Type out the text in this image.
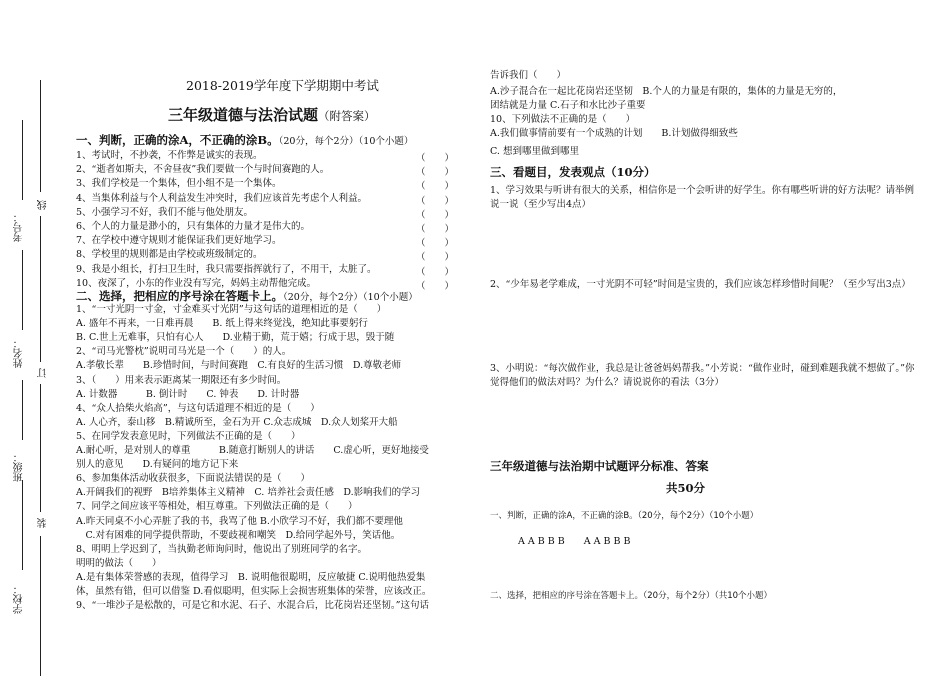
考号：
线
姓名：
订
班级：
装
学校：
2018-2019学年度下学期期中考试
三年级道德与法治试题（附答案）
一、判断，正确的涂A，不正确的涂B。（20分，每个2分）（10个小题）
1、考试时，不抄袭，不作弊是诚实的表现。	（　　）
2、“逝者如斯夫，不舍昼夜”我们要做一个与时间赛跑的人。	（　　）
3、我们学校是一个集体，但小组不是一个集体。	（　　）
4、当集体利益与个人利益发生冲突时，我们应该首先考虑个人利益。	（　　）
5、小强学习不好，我们不能与他处朋友。	（　　）
6、个人的力量是渺小的，只有集体的力量才是伟大的。	（　　）
7、在学校中遵守规则才能保证我们更好地学习。	（　　）
8、学校里的规则都是由学校或班级制定的。	（　　）
9、我是小组长，打扫卫生时，我只需要指挥就行了，不用干，太脏了。	（　　）
10、夜深了，小东的作业没有写完，妈妈主动帮他完成。	（　　）
二、选择，把相应的序号涂在答题卡上。（20分，每个2分）（10个小题）
1、“一寸光阴一寸金，寸金难买寸光阴”与这句话的道理相近的是（　　）
A. 盛年不再来，一日难再晨　　B. 纸上得来终觉浅，绝知此事要躬行
B. C.世上无难事，只怕有心人　　D.业精于勤，荒于嬉；行成于思，毁于随
2、“司马光警枕”说明司马光是一个（　　）的人。
A.孝敬长辈　　B.珍惜时间，与时间赛跑　C.有良好的生活习惯　D.尊敬老师
3、（　　）用来表示距离某一期限还有多少时间。
A. 计数器　　　B. 倒计时　　C. 钟表　　D. 计时器
4、“众人拾柴火焰高”，与这句话道理不相近的是（　　）
A. 人心齐，泰山移　B.精诚所至，金石为开 C.众志成城　D.众人划桨开大船
5、在同学发表意见时，下列做法不正确的是（　　）
A.耐心听，是对别人的尊重　　　B.随意打断别人的讲话　　C.虚心听，更好地接受
别人的意见　　D.有疑问的地方记下来
6、参加集体活动收获很多，下面说法错误的是（　　）
A.开阔我们的视野　B培养集体主义精神　C. 培养社会责任感　D.影响我们的学习
7、同学之间应该平等相处，相互尊重。下列做法正确的是（　　）
A.昨天同桌不小心弄脏了我的书，我骂了他 B.小欣学习不好，我们都不要理他
　C.对有困难的同学提供帮助，不要歧视和嘲笑　D.给同学起外号，笑话他。
8、明明上学迟到了，当执勤老师询问时，他说出了别班同学的名字。
明明的做法（　　）
A.是有集体荣誉感的表现，值得学习　B. 说明他很聪明，反应敏捷 C.说明他热爱集
体，虽然有错，但可以借鉴 D.看似聪明，但实际上会损害班集体的荣誉，应该改正。
9、“一堆沙子是松散的，可是它和水泥、石子、水混合后，比花岗岩还坚韧。”这句话
告诉我们（　　）
A.沙子混合在一起比花岗岩还坚韧　B.个人的力量是有限的，集体的力量是无穷的，
团结就是力量 C.石子和水比沙子重要
10、下列做法不正确的是（　　）
A.我们做事情前要有一个成熟的计划　　B.计划做得细致些
C. 想到哪里做到哪里
三、看题目，发表观点（10分）
1、学习效果与听讲有很大的关系，相信你是一个会听讲的好学生。你有哪些听讲的好方法呢？请举例说一说（至少写出4点）
2、“少年易老学难成，一寸光阴不可轻”时间是宝贵的，我们应该怎样珍惜时间呢？（至少写出3点）
3、小明说：“每次做作业，我总是让爸爸妈妈帮我。”小芳说：“做作业时，碰到难题我就不想做了。”你觉得他们的做法对吗？为什么？请说说你的看法（3分）
三年级道德与法治期中试题评分标准、答案
共50分
一、判断，正确的涂A，不正确的涂B。（20分，每个2分）（10个小题）
A A B B B　　A A B B B
二、选择，把相应的序号涂在答题卡上。（20分，每个2分）（共10个小题）
